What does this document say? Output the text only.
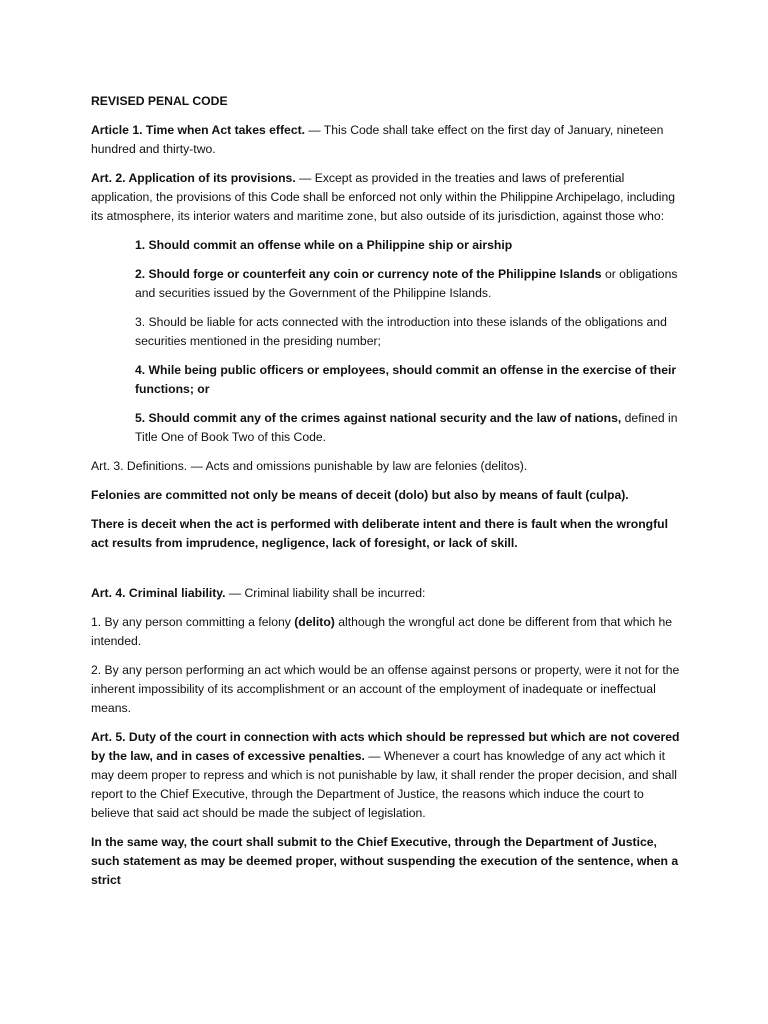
REVISED PENAL CODE

Article 1. Time when Act takes effect. — This Code shall take effect on the first day of January, nineteen hundred and thirty-two.

Art. 2. Application of its provisions. — Except as provided in the treaties and laws of preferential application, the provisions of this Code shall be enforced not only within the Philippine Archipelago, including its atmosphere, its interior waters and maritime zone, but also outside of its jurisdiction, against those who:

1. Should commit an offense while on a Philippine ship or airship

2. Should forge or counterfeit any coin or currency note of the Philippine Islands or obligations and securities issued by the Government of the Philippine Islands.

3. Should be liable for acts connected with the introduction into these islands of the obligations and securities mentioned in the presiding number;

4. While being public officers or employees, should commit an offense in the exercise of their functions; or

5. Should commit any of the crimes against national security and the law of nations, defined in Title One of Book Two of this Code.

Art. 3. Definitions. — Acts and omissions punishable by law are felonies (delitos).

Felonies are committed not only be means of deceit (dolo) but also by means of fault (culpa).

There is deceit when the act is performed with deliberate intent and there is fault when the wrongful act results from imprudence, negligence, lack of foresight, or lack of skill.

Art. 4. Criminal liability. — Criminal liability shall be incurred:

1. By any person committing a felony (delito) although the wrongful act done be different from that which he intended.

2. By any person performing an act which would be an offense against persons or property, were it not for the inherent impossibility of its accomplishment or an account of the employment of inadequate or ineffectual means.

Art. 5. Duty of the court in connection with acts which should be repressed but which are not covered by the law, and in cases of excessive penalties. — Whenever a court has knowledge of any act which it may deem proper to repress and which is not punishable by law, it shall render the proper decision, and shall report to the Chief Executive, through the Department of Justice, the reasons which induce the court to believe that said act should be made the subject of legislation.

In the same way, the court shall submit to the Chief Executive, through the Department of Justice, such statement as may be deemed proper, without suspending the execution of the sentence, when a strict
